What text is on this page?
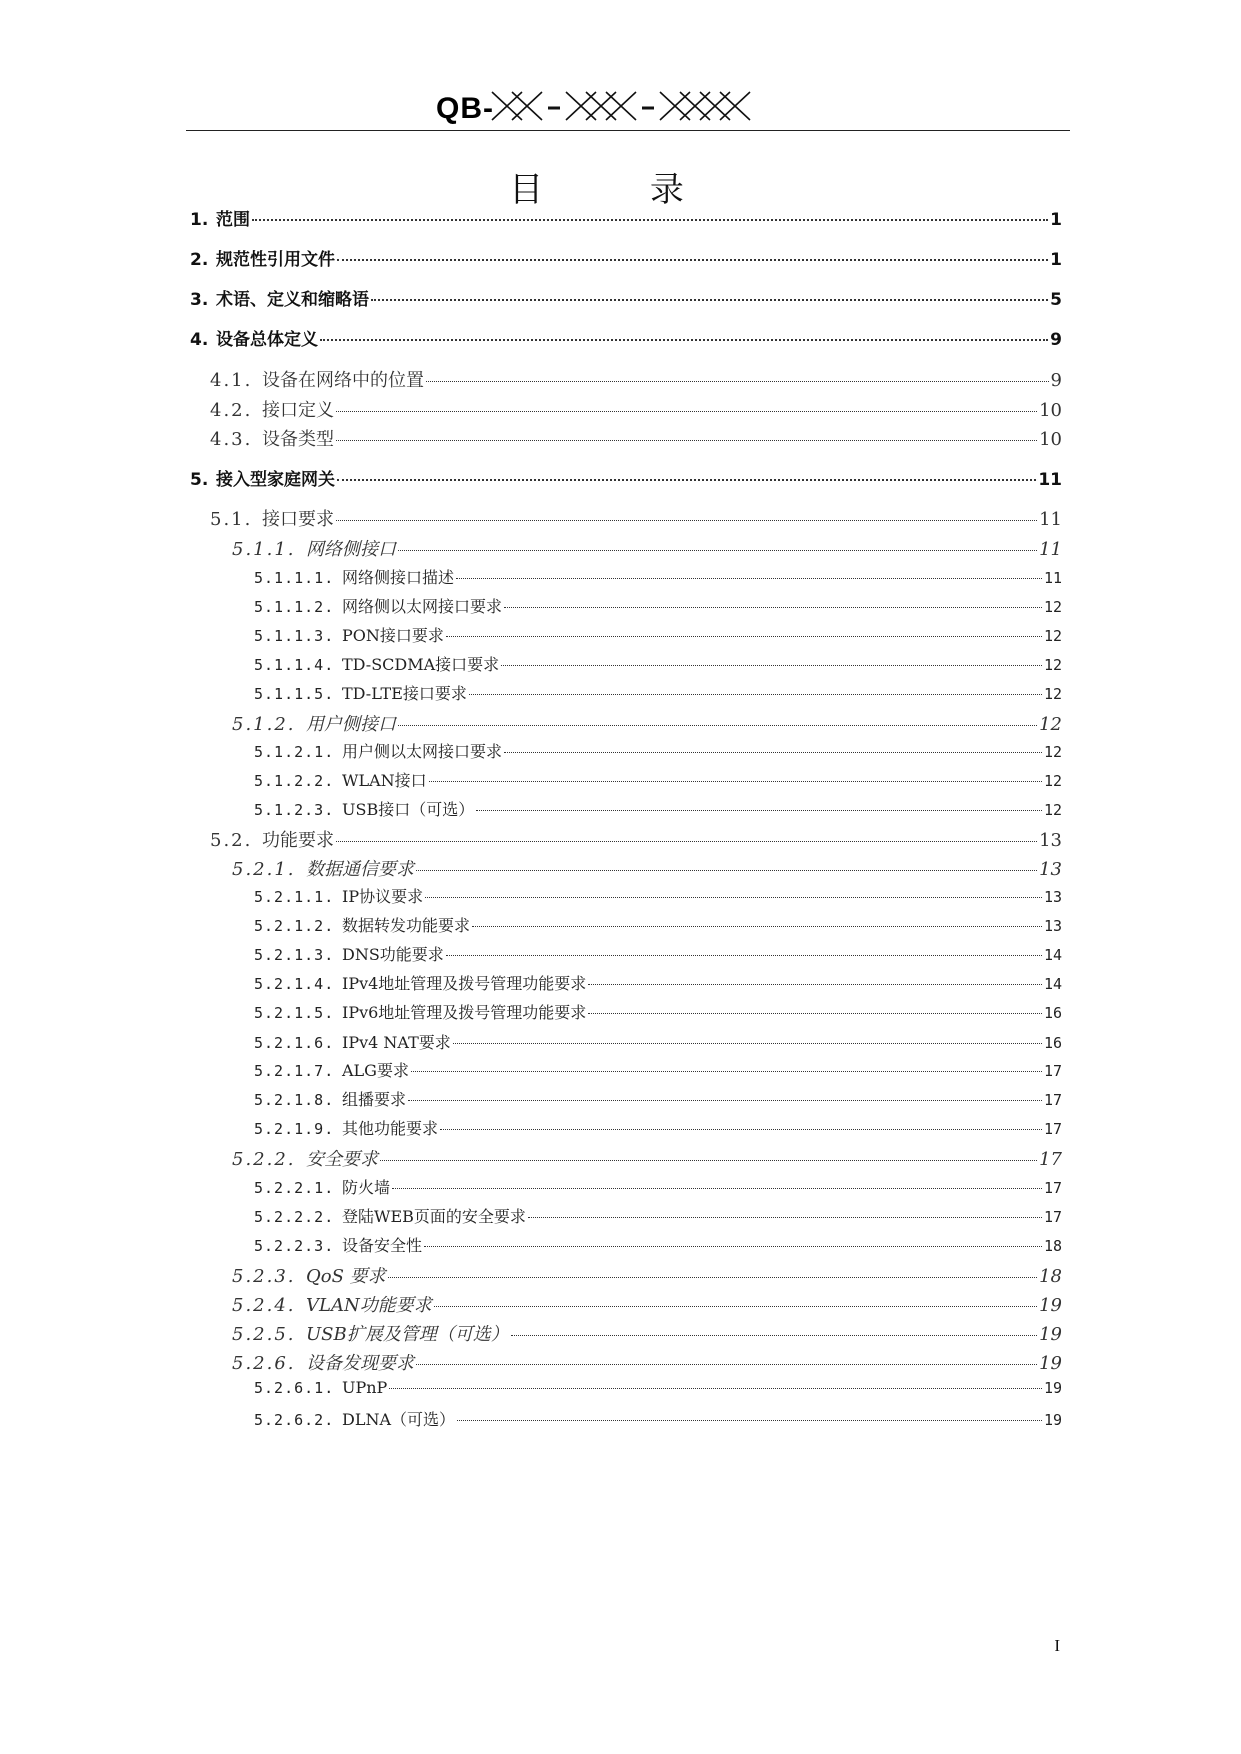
QB-
目 录
1. 范围	1
2. 规范性引用文件	1
3. 术语、定义和缩略语	5
4. 设备总体定义	9
4.1. 设备在网络中的位置	9
4.2. 接口定义	10
4.3. 设备类型	10
5. 接入型家庭网关	11
5.1. 接口要求	11
5.1.1. 网络侧接口	11
5.1.1.1. 网络侧接口描述	11
5.1.1.2. 网络侧以太网接口要求	12
5.1.1.3. PON接口要求	12
5.1.1.4. TD-SCDMA接口要求	12
5.1.1.5. TD-LTE接口要求	12
5.1.2. 用户侧接口	12
5.1.2.1. 用户侧以太网接口要求	12
5.1.2.2. WLAN接口	12
5.1.2.3. USB接口（可选）	12
5.2. 功能要求	13
5.2.1. 数据通信要求	13
5.2.1.1. IP协议要求	13
5.2.1.2. 数据转发功能要求	13
5.2.1.3. DNS功能要求	14
5.2.1.4. IPv4地址管理及拨号管理功能要求	14
5.2.1.5. IPv6地址管理及拨号管理功能要求	16
5.2.1.6. IPv4 NAT要求	16
5.2.1.7. ALG要求	17
5.2.1.8. 组播要求	17
5.2.1.9. 其他功能要求	17
5.2.2. 安全要求	17
5.2.2.1. 防火墙	17
5.2.2.2. 登陆WEB页面的安全要求	17
5.2.2.3. 设备安全性	18
5.2.3. QoS 要求	18
5.2.4. VLAN功能要求	19
5.2.5. USB扩展及管理（可选）	19
5.2.6. 设备发现要求	19
5.2.6.1. UPnP	19
5.2.6.2. DLNA（可选）	19
I
